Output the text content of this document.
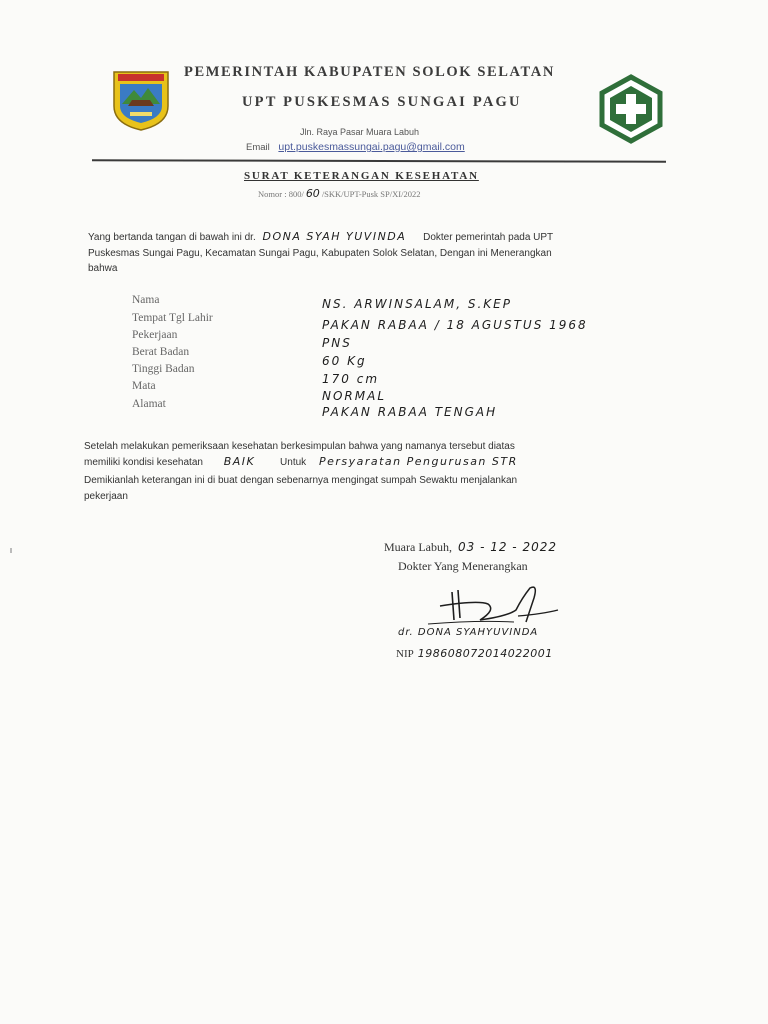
PEMERINTAH KABUPATEN SOLOK SELATAN
UPT PUSKESMAS SUNGAI PAGU
Jln. Raya Pasar Muara Labuh
Email upt.puskesmassungai.pagu@gmail.com
SURAT KETERANGAN KESEHATAN
Nomor : 800/ 60 /SKK/UPT-Pusk SP/XI/2022
Yang bertanda tangan di bawah ini dr. DONA SYAH YUVINDA Dokter pemerintah pada UPT
Puskesmas Sungai Pagu, Kecamatan Sungai Pagu, Kabupaten Solok Selatan, Dengan ini Menerangkan
bahwa
Nama
Tempat Tgl Lahir
Pekerjaan
Berat Badan
Tinggi Badan
Mata
Alamat
NS. ARWINSALAM, S.KEP
PAKAN RABAA / 18 AGUSTUS 1968
PNS
60 Kg
170 cm
NORMAL
PAKAN RABAA TENGAH
Setelah melakukan pemeriksaan kesehatan berkesimpulan bahwa yang namanya tersebut diatas
memiliki kondisi kesehatan BAIK Untuk Persyaratan Pengurusan STR
Demikianlah keterangan ini di buat dengan sebenarnya mengingat sumpah Sewaktu menjalankan
pekerjaan
Muara Labuh, 03 - 12 - 2022
Dokter Yang Menerangkan
dr. DONA SYAHYUVINDA
NIP 198608072014022001
